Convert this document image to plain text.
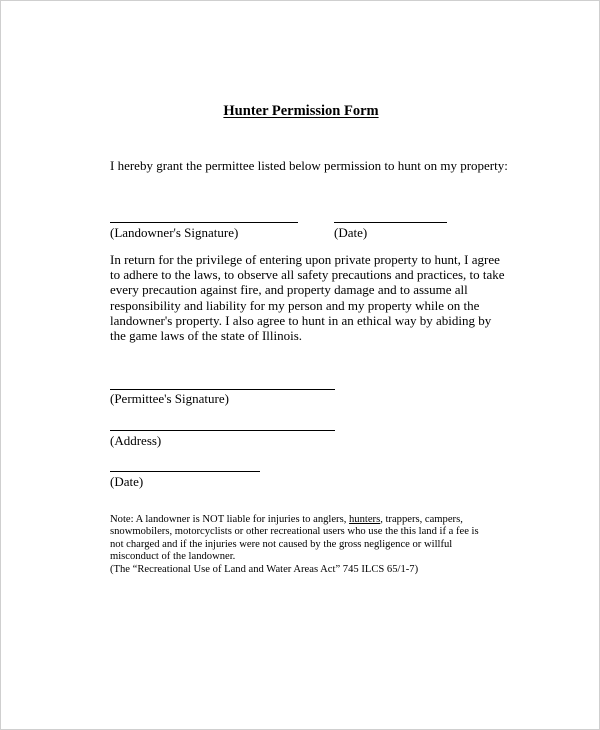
Hunter Permission Form
I hereby grant the permittee listed below permission to hunt on my property:
(Landowner's Signature)	(Date)
In return for the privilege of entering upon private property to hunt, I agree
to adhere to the laws, to observe all safety precautions and practices, to take
every precaution against fire, and property damage and to assume all
responsibility and liability for my person and my property while on the
landowner's property. I also agree to hunt in an ethical way by abiding by
the game laws of the state of Illinois.
(Permittee's Signature)
(Address)
(Date)
Note: A landowner is NOT liable for injuries to anglers, hunters, trappers, campers,
snowmobilers, motorcyclists or other recreational users who use the this land if a fee is
not charged and if the injuries were not caused by the gross negligence or willful
misconduct of the landowner.
(The “Recreational Use of Land and Water Areas Act” 745 ILCS 65/1-7)
